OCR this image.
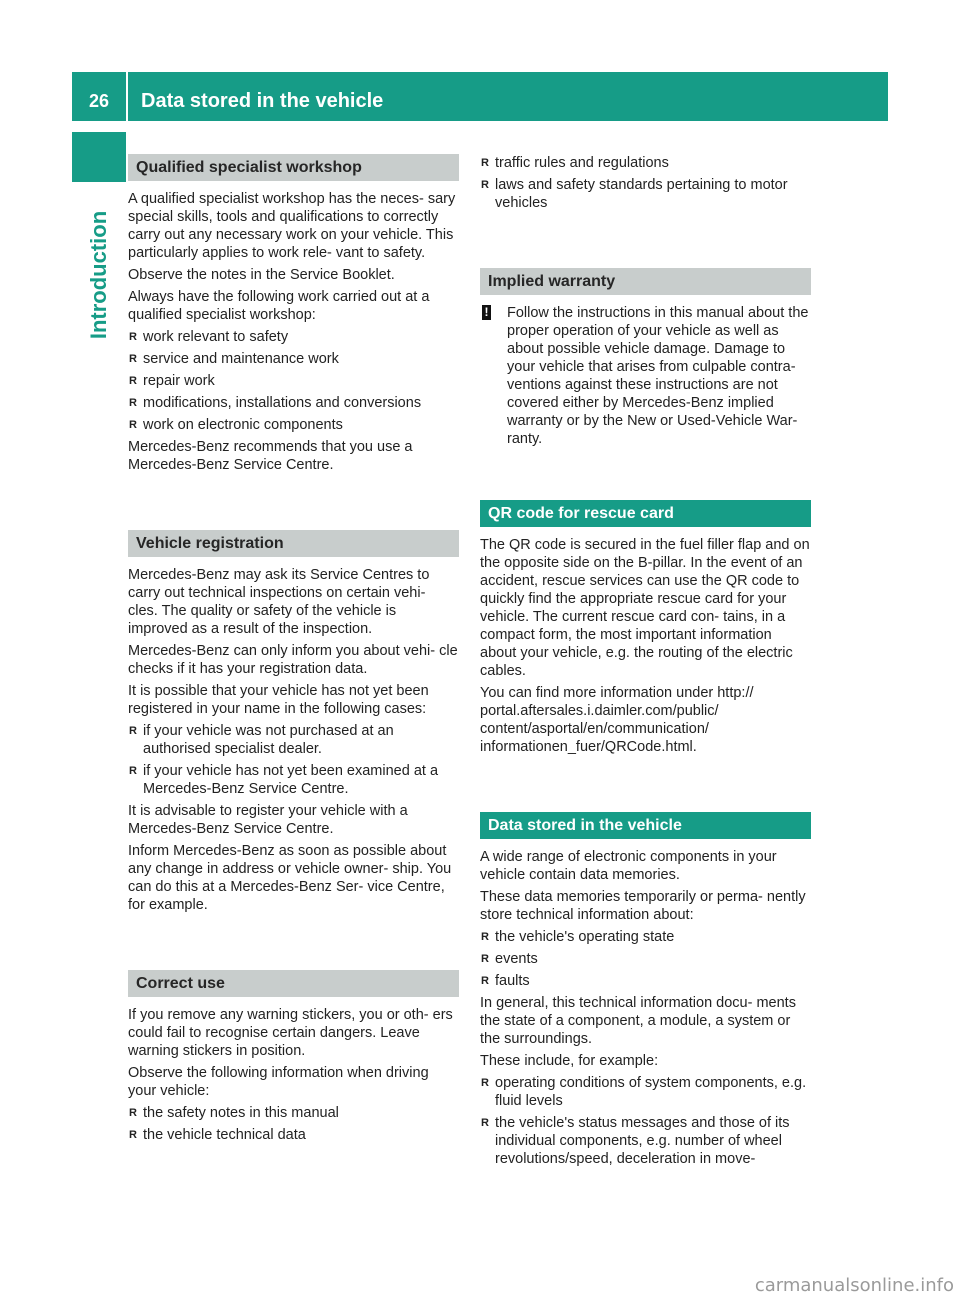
26	Data stored in the vehicle
Introduction
Qualified specialist workshop

A qualified specialist workshop has the neces- sary special skills, tools and qualifications to correctly carry out any necessary work on your vehicle. This particularly applies to work rele- vant to safety.

Observe the notes in the Service Booklet.

Always have the following work carried out at a qualified specialist workshop:

R work relevant to safety
R service and maintenance work
R repair work
R modifications, installations and conversions
R work on electronic components

Mercedes-Benz recommends that you use a Mercedes-Benz Service Centre.

Vehicle registration

Mercedes-Benz may ask its Service Centres to carry out technical inspections on certain vehi- cles. The quality or safety of the vehicle is improved as a result of the inspection.

Mercedes-Benz can only inform you about vehi- cle checks if it has your registration data.

It is possible that your vehicle has not yet been registered in your name in the following cases:

R if your vehicle was not purchased at an authorised specialist dealer.
R if your vehicle has not yet been examined at a Mercedes-Benz Service Centre.

It is advisable to register your vehicle with a Mercedes-Benz Service Centre.

Inform Mercedes-Benz as soon as possible about any change in address or vehicle owner- ship. You can do this at a Mercedes-Benz Ser- vice Centre, for example.

Correct use

If you remove any warning stickers, you or oth- ers could fail to recognise certain dangers. Leave warning stickers in position.

Observe the following information when driving your vehicle:

R the safety notes in this manual
R the vehicle technical data
R traffic rules and regulations
R laws and safety standards pertaining to motor vehicles
Implied warranty

! Follow the instructions in this manual about the proper operation of your vehicle as well as about possible vehicle damage. Damage to your vehicle that arises from culpable contra- ventions against these instructions are not covered either by Mercedes-Benz implied warranty or by the New or Used-Vehicle War- ranty.

QR code for rescue card

The QR code is secured in the fuel filler flap and on the opposite side on the B-pillar. In the event of an accident, rescue services can use the QR code to quickly find the appropriate rescue card for your vehicle. The current rescue card con- tains, in a compact form, the most important information about your vehicle, e.g. the routing of the electric cables.

You can find more information under http:// portal.aftersales.i.daimler.com/public/ content/asportal/en/communication/ informationen_fuer/QRCode.html.

Data stored in the vehicle

A wide range of electronic components in your vehicle contain data memories.

These data memories temporarily or perma- nently store technical information about:

R the vehicle's operating state
R events
R faults

In general, this technical information docu- ments the state of a component, a module, a system or the surroundings.

These include, for example:

R operating conditions of system components, e.g. fluid levels
R the vehicle's status messages and those of its individual components, e.g. number of wheel revolutions/speed, deceleration in move-
carmanualsonline.info
